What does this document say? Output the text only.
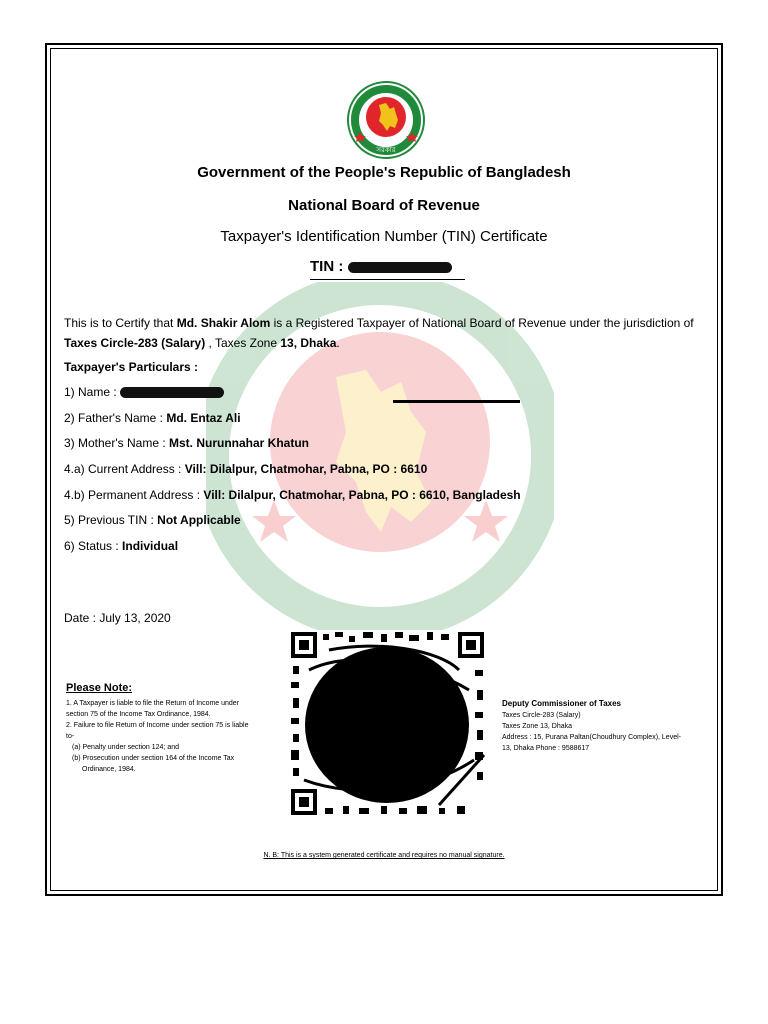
সরকার
Government of the People's Republic of Bangladesh
National Board of Revenue
Taxpayer's Identification Number (TIN) Certificate
TIN :
This is to Certify that Md. Shakir Alom is a Registered Taxpayer of National Board of Revenue under the jurisdiction of Taxes Circle-283 (Salary) , Taxes Zone 13, Dhaka.
Taxpayer's Particulars :
1) Name :
2) Father's Name : Md. Entaz Ali
3) Mother's Name : Mst. Nurunnahar Khatun
4.a) Current Address : Vill: Dilalpur, Chatmohar, Pabna, PO : 6610
4.b) Permanent Address : Vill: Dilalpur, Chatmohar, Pabna, PO : 6610, Bangladesh
5) Previous TIN : Not Applicable
6) Status : Individual
Date : July 13, 2020
Please Note:
1. A Taxpayer is liable to file the Return of Income under
section 75 of the Income Tax Ordinance, 1984.
2. Failure to file Return of Income under section 75 is liable
to-
(a) Penalty under section 124; and
(b) Prosecution under section 164 of the Income Tax
Ordinance, 1984.
Deputy Commissioner of Taxes
Taxes Circle-283 (Salary)
Taxes Zone 13, Dhaka
Address : 15, Purana Paltan(Choudhury Complex), Level-
13, Dhaka Phone : 9588617
N. B: This is a system generated certificate and requires no manual signature.
